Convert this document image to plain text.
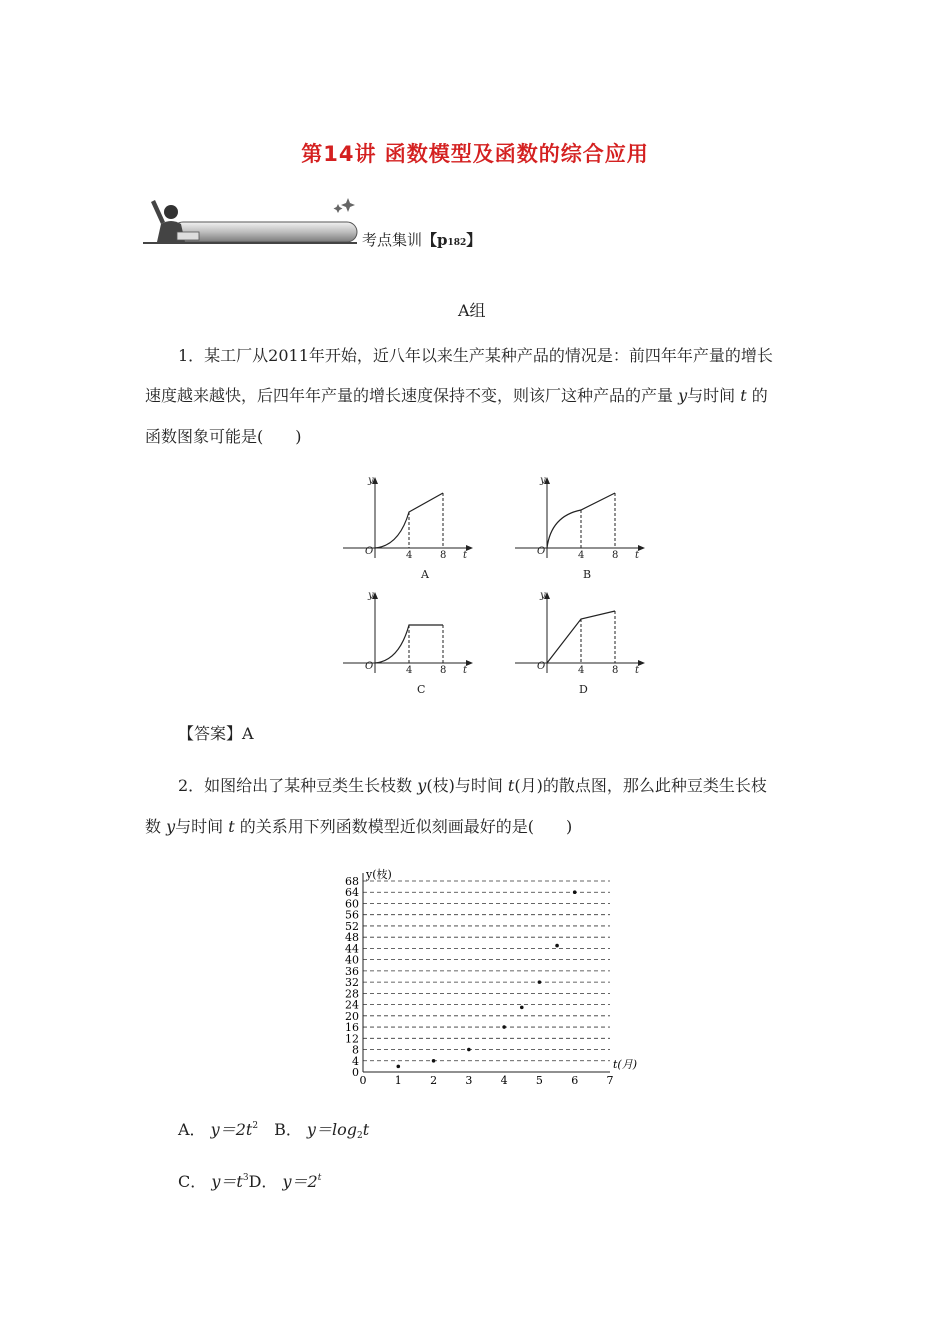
第14讲 函数模型及函数的综合应用
考点集训 【p182】
A组
1．某工厂从2011年开始，近八年以来生产某种产品的情况是：前四年年产量的增长
速度越来越快，后四年年产量的增长速度保持不变，则该厂这种产品的产量 y与时间 t 的
函数图象可能是(　　)
y
O	4	8 t
A
y
O	4	8 t
B
y
O	4	8 t
C
y
O	4	8 t
D
【答案】A
2．如图给出了某种豆类生长枝数 y(枝)与时间 t(月)的散点图，那么此种豆类生长枝
数 y与时间 t 的关系用下列函数模型近似刻画最好的是(　　)
0
4
8
12
16
20
24
28
32
36
40
44
48
52
56
60
64
68
0	1	2	3	4	5	6	7
y(枝)
t(月)
A． $y=2t^2$　 B． y＝log2t
C． $y=t^3D$． $y=2^t$
